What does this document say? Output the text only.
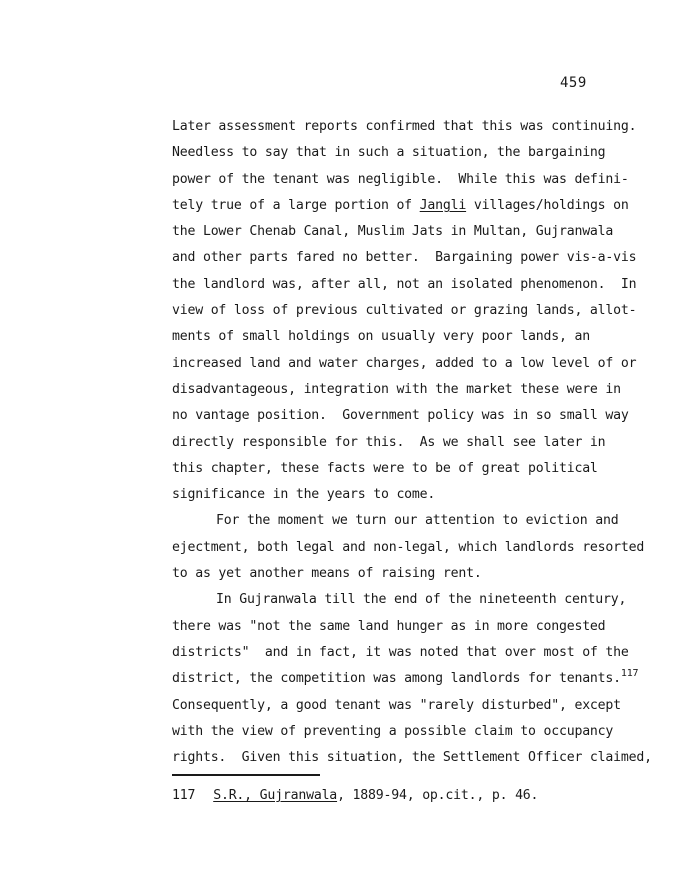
459
Later assessment reports confirmed that this was continuing.
Needless to say that in such a situation, the bargaining
power of the tenant was negligible.  While this was defini-
tely true of a large portion of Jangli villages/holdings on
the Lower Chenab Canal, Muslim Jats in Multan, Gujranwala
and other parts fared no better.  Bargaining power vis-a-vis
the landlord was, after all, not an isolated phenomenon.  In
view of loss of previous cultivated or grazing lands, allot-
ments of small holdings on usually very poor lands, an
increased land and water charges, added to a low level of or
disadvantageous, integration with the market these were in
no vantage position.  Government policy was in so small way
directly responsible for this.  As we shall see later in
this chapter, these facts were to be of great political
significance in the years to come.
For the moment we turn our attention to eviction and
ejectment, both legal and non-legal, which landlords resorted
to as yet another means of raising rent.
In Gujranwala till the end of the nineteenth century,
there was "not the same land hunger as in more congested
districts"  and in fact, it was noted that over most of the
district, the competition was among landlords for tenants.$^{117}$
Consequently, a good tenant was "rarely disturbed", except
with the view of preventing a possible claim to occupancy
rights.  Given this situation, the Settlement Officer claimed,
117 S.R., Gujranwala, 1889-94, op.cit., p. 46.
